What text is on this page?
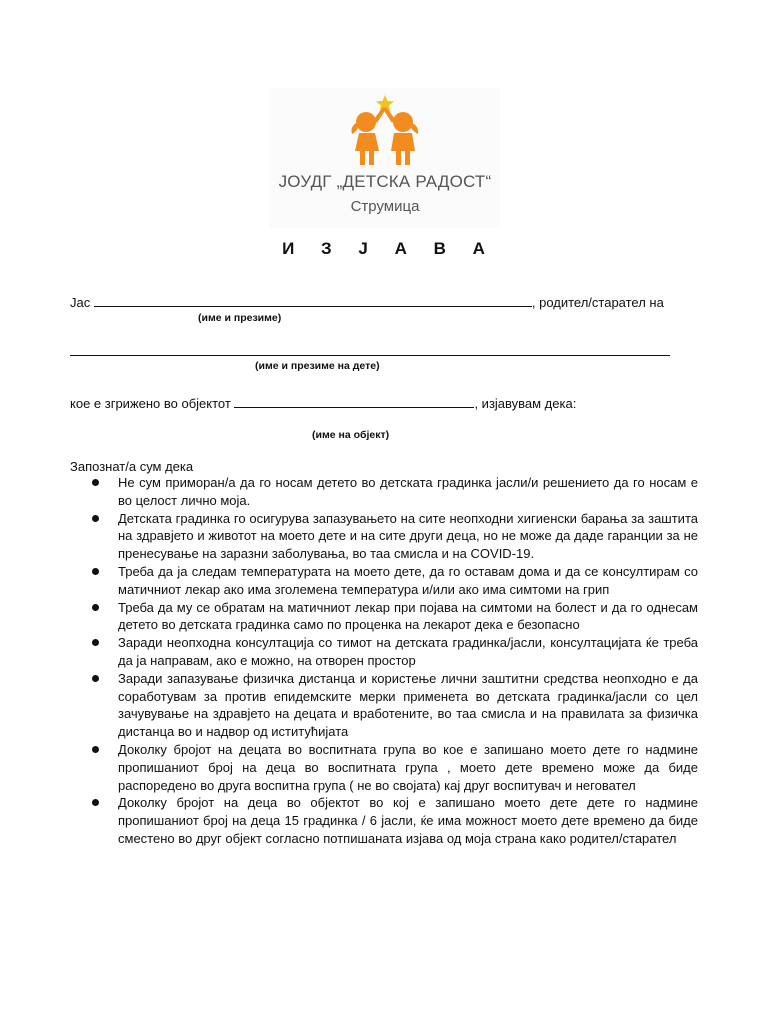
ЈОУДГ „ДЕТСКА РАДОСТ“
Струмица
И З Ј А В А
Јас	, родител/старател на
(име и презиме)
(име и презиме на дете)
кое е згрижено во објектот	, изјавувам дека:
(име на објект)
Запознат/а сум дека
Не сум приморан/а да го носам детето во детската градинка јасли/и решението да го носам е во целост лично моја.
Детската градинка го осигурува запазувањето на сите неопходни хигиенски барања за заштита на здравјето и животот на моето дете и на сите други деца, но не може да даде гаранции за не пренесување на заразни заболувања, во таа смисла и на COVID-19.
Треба да ја следам температурата на моето дете, да го оставам дома и да се консултирам со матичниот лекар ако има зголемена температура и/или ако има симтоми на грип
Треба да му се обратам на матичниот лекар при појава на симтоми на болест и да го однесам детето во детската градинка само по проценка на лекарот дека е безопасно
Заради неопходна консултација со тимот на детската градинка/јасли, консултацијата ќе треба да ја направам, ако е можно, на отворен простор
Заради запазување физичка дистанца и користење лични заштитни средства неопходно е да соработувам за против епидемските мерки применета во детската градинка/јасли со цел зачувување на здравјето на децата и вработените, во таа смисла и на правилата за физичка дистанца во и надвор од иститућијата
Доколку бројот на децата во воспитната група во кое е запишано моето дете го надмине пропишаниот број на деца во воспитната група , моето дете времено може да биде распоредено во друга воспитна група ( не во својата) кај друг воспитувач и неговател
Доколку бројот на деца во објектот во кој е запишано моето дете дете го надмине пропишаниот број на деца 15 градинка / 6 јасли, ќе има можност моето дете времено да биде сместено во друг објект согласно потпишаната изјава од моја страна како родител/старател
